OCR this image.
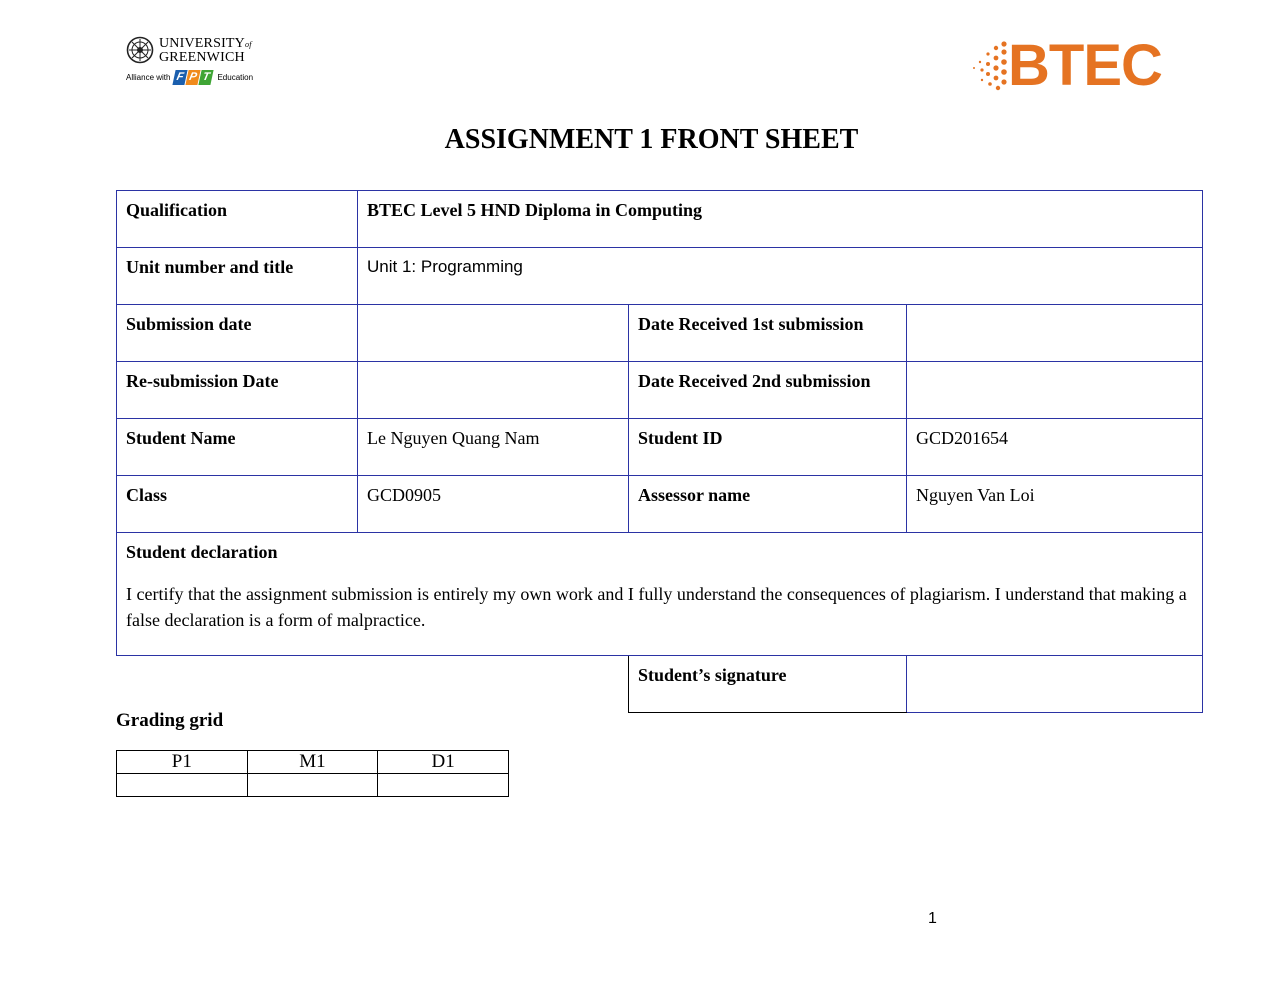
UNIVERSITYof
GREENWICH
Alliance with F P T Education	BTEC
ASSIGNMENT 1 FRONT SHEET
Qualification	BTEC Level 5 HND Diploma in Computing		
Unit number and title	Unit 1: Programming		
Submission date		Date Received 1st submission	
Re-submission Date		Date Received 2nd submission	
Student Name	Le Nguyen Quang Nam	Student ID	GCD201654
Class	GCD0905	Assessor name	Nguyen Van Loi

Student declaration
I certify that the assignment submission is entirely my own work and I fully understand the consequences of plagiarism. I understand that making a false declaration is a form of malpractice.			

		Student’s signature	
Grading grid
P1	M1	D1

1
